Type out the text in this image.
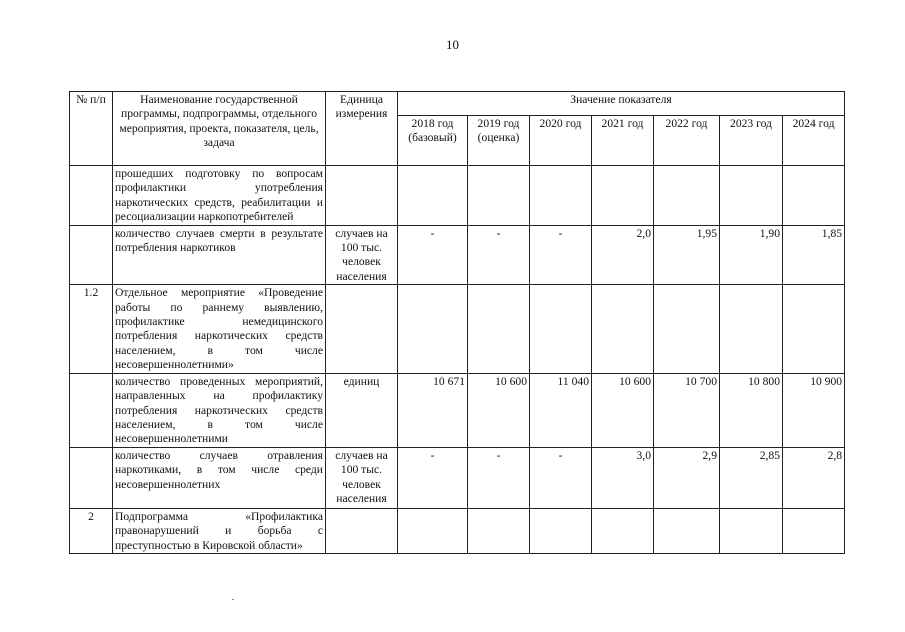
10
№ п/п	Наименование государственной программы, подпрограммы, отдельного мероприятия, проекта, показателя, цель, задача	Единица измерения	Значение показателя						
			2018 год (базовый)	2019 год (оценка)	2020 год	2021 год	2022 год	2023 год	2024 год
	прошедших подготовку по вопросам профилактики употребления наркотических средств, реабилитации и ресоциализации наркопотребителей								
	количество случаев смерти в результате потребления наркотиков	случаев на 100 тыс. человек населения	-	-	-	2,0	1,95	1,90	1,85
1.2	Отдельное мероприятие «Проведение работы по раннему выявлению, профилактике немедицинского потребления наркотических средств населением, в том числе несовершеннолетними»								
	количество проведенных мероприятий, направленных на профилактику потребления наркотических средств населением, в том числе несовершеннолетними	единиц	10 671	10 600	11 040	10 600	10 700	10 800	10 900
	количество случаев отравления наркотиками, в том числе среди несовершеннолетних	случаев на 100 тыс. человек населения	-	-	-	3,0	2,9	2,85	2,8
2	Подпрограмма «Профилактика правонарушений и борьба с преступностью в Кировской области»								
